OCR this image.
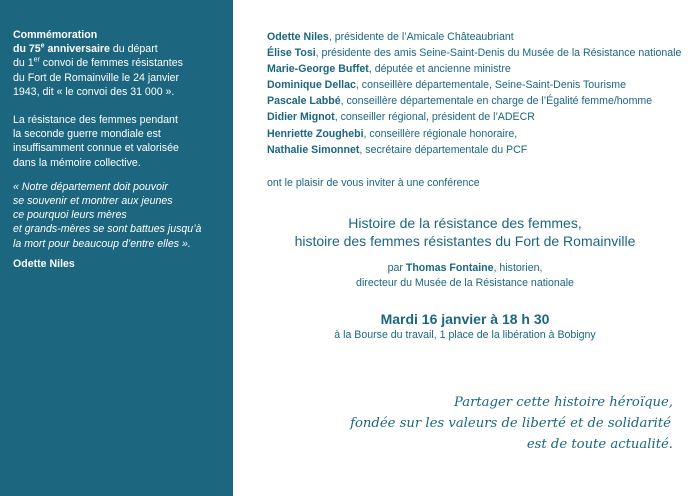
Commémoration
du 75e anniversaire du départ
du 1er convoi de femmes résistantes
du Fort de Romainville le 24 janvier
1943, dit « le convoi des 31 000 ».

La résistance des femmes pendant
la seconde guerre mondiale est
insuffisamment connue et valorisée
dans la mémoire collective.

« Notre département doit pouvoir
se souvenir et montrer aux jeunes
ce pourquoi leurs mères
et grands-mères se sont battues jusqu’à
la mort pour beaucoup d’entre elles ».

Odette Niles

Odette Niles, présidente de l’Amicale Châteaubriant
Élise Tosi, présidente des amis Seine-Saint-Denis du Musée de la Résistance nationale
Marie-George Buffet, députée et ancienne ministre
Dominique Dellac, conseillère départementale, Seine-Saint-Denis Tourisme
Pascale Labbé, conseillère départementale en charge de l’Égalité femme/homme
Didier Mignot, conseiller régional, président de l’ADECR
Henriette Zoughebi, conseillère régionale honoraire,
Nathalie Simonnet, secrétaire départementale du PCF
ont le plaisir de vous inviter à une conférence
Histoire de la résistance des femmes,
histoire des femmes résistantes du Fort de Romainville
par Thomas Fontaine, historien,
directeur du Musée de la Résistance nationale
Mardi 16 janvier à 18 h 30
à la Bourse du travail, 1 place de la libération à Bobigny
Partager cette histoire héroïque,
fondée sur les valeurs de liberté et de solidarité
est de toute actualité.
